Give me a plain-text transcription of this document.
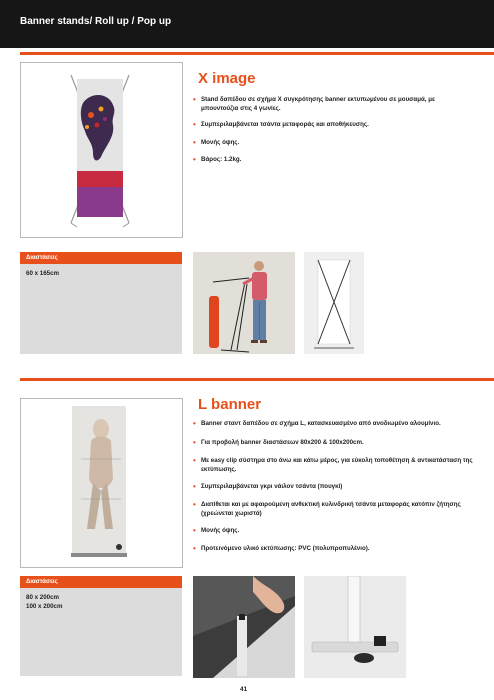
Banner stands/ Roll up / Pop up
X image
• Stand δαπέδου σε σχήμα Χ συγκρότησης banner εκτυπωμένου σε μουσαμά, με μπουντούζια στις 4 γωνίες.
• Συμπεριλαμβάνεται τσάντα μεταφοράς και αποθήκευσης.
• Μονής όψης.
• Βάρος: 1.2kg.
Διαστάσεις
60 x 165cm
L banner
• Banner σταντ δαπέδου σε σχήμα L, κατασκευασμένο από ανοδιωμένο αλουμίνιο.
• Για προβολή banner διαστάσεων 80x200 & 100x200cm.
• Με easy clip σύστημα στο άνω και κάτω μέρος, για εύκολη τοποθέτηση & αντικατάσταση της εκτύπωσης.
• Συμπεριλαμβάνεται γκρι νάιλον τσάντα (πουγκί)
• Διατίθεται και με αφαιρούμενη ανθεκτική κυλινδρική τσάντα μεταφοράς κατόπιν ζήτησης (χρεώνεται χωριστά)
• Μονής όψης.
• Προτεινόμενο υλικό εκτύπωσης: PVC (πολυπροπυλένιο).
Διαστάσεις
80 x 200cm
100 x 200cm
41
